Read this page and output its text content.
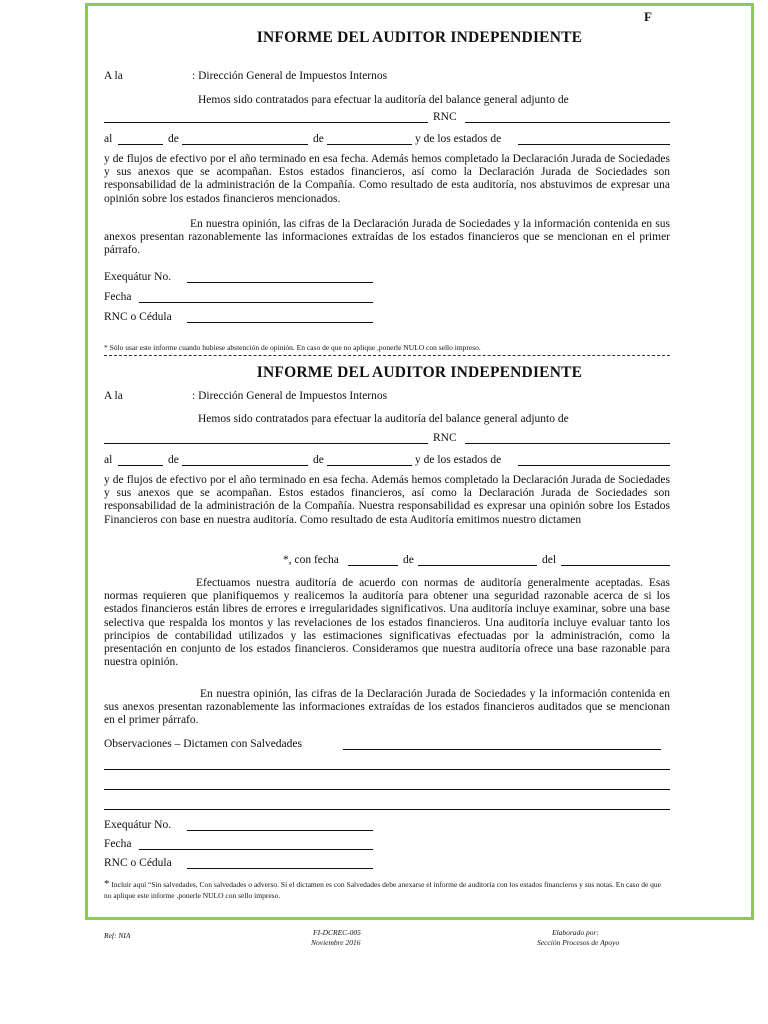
F
INFORME DEL AUDITOR INDEPENDIENTE
A la	: Dirección General de Impuestos Internos
Hemos sido contratados para efectuar la auditoría del balance general adjunto de
RNC
al	de	de	y de los estados de

y de flujos de efectivo por el año terminado en esa fecha. Además hemos completado la Declaración Jurada de Sociedades y sus anexos que se acompañan. Estos estados financieros, así como la Declaración Jurada de Sociedades son responsabilidad de la administración de la Compañía. Como resultado de esta auditoría, nos abstuvimos de expresar una opinión sobre los estados financieros mencionados.

En nuestra opinión, las cifras de la Declaración Jurada de Sociedades y la información contenida en sus anexos presentan razonablemente las informaciones extraídas de los estados financieros que se mencionan en el primer párrafo.

Exequátur No.
Fecha
RNC o Cédula
* Sólo usar este informe cuando hubiese abstención de opinión. En caso de que no aplique ,ponerle NULO con sello impreso.
INFORME DEL AUDITOR INDEPENDIENTE
A la	: Dirección General de Impuestos Internos
Hemos sido contratados para efectuar la auditoría del balance general adjunto de
RNC
al	de	de	y de los estados de

y de flujos de efectivo por el año terminado en esa fecha. Además hemos completado la Declaración Jurada de Sociedades y sus anexos que se acompañan. Estos estados financieros, así como la Declaración Jurada de Sociedades son responsabilidad de la administración de la Compañía. Nuestra responsabilidad es expresar una opinión sobre los Estados Financieros con base en nuestra auditoría. Como resultado de esta Auditoría emitimos nuestro dictamen

*, con fecha	de	del

Efectuamos nuestra auditoría de acuerdo con normas de auditoría generalmente aceptadas. Esas normas requieren que planifiquemos y realicemos la auditoría para obtener una seguridad razonable acerca de si los estados financieros están libres de errores e irregularidades significativos. Una auditoría incluye examinar, sobre una base selectiva que respalda los montos y las revelaciones de los estados financieros. Una auditoría incluye evaluar tanto los principios de contabilidad utilizados y las estimaciones significativas efectuadas por la administración, como la presentación en conjunto de los estados financieros. Consideramos que nuestra auditoría ofrece una base razonable para nuestra opinión.

En nuestra opinión, las cifras de la Declaración Jurada de Sociedades y la información contenida en sus anexos presentan razonablemente las informaciones extraídas de los estados financieros auditados que se mencionan en el primer párrafo.

Observaciones – Dictamen con Salvedades
Exequátur No.
Fecha
RNC o Cédula
* Incluir aquí “Sin salvedades, Con salvedades o adverso. Si el dictamen es con Salvedades debe anexarse el informe de auditoría con los estados financieros y sus notas. En caso de que no aplique este informe ,ponerle NULO con sello impreso.
Ref: NIA	FI-DCREC-005
Noviembre 2016
Elaborado por:
Sección Procesos de Apoyo
